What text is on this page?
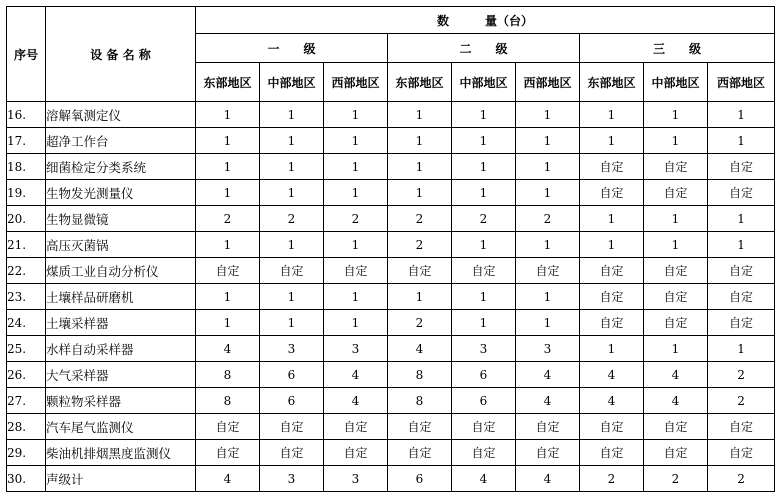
序号	设 备 名 称	数　　　量（台）								
		一　　级			二　　级			三　　级		
		东部地区	中部地区	西部地区	东部地区	中部地区	西部地区	东部地区	中部地区	西部地区
16.	溶解氧测定仪	1	1	1	1	1	1	1	1	1
17.	超净工作台	1	1	1	1	1	1	1	1	1
18.	细菌检定分类系统	1	1	1	1	1	1	自定	自定	自定
19.	生物发光测量仪	1	1	1	1	1	1	自定	自定	自定
20.	生物显微镜	2	2	2	2	2	2	1	1	1
21.	高压灭菌锅	1	1	1	2	1	1	1	1	1
22.	煤质工业自动分析仪	自定	自定	自定	自定	自定	自定	自定	自定	自定
23.	土壤样品研磨机	1	1	1	1	1	1	自定	自定	自定
24.	土壤采样器	1	1	1	2	1	1	自定	自定	自定
25.	水样自动采样器	4	3	3	4	3	3	1	1	1
26.	大气采样器	8	6	4	8	6	4	4	4	2
27.	颗粒物采样器	8	6	4	8	6	4	4	4	2
28.	汽车尾气监测仪	自定	自定	自定	自定	自定	自定	自定	自定	自定
29.	柴油机排烟黑度监测仪	自定	自定	自定	自定	自定	自定	自定	自定	自定
30.	声级计	4	3	3	6	4	4	2	2	2
